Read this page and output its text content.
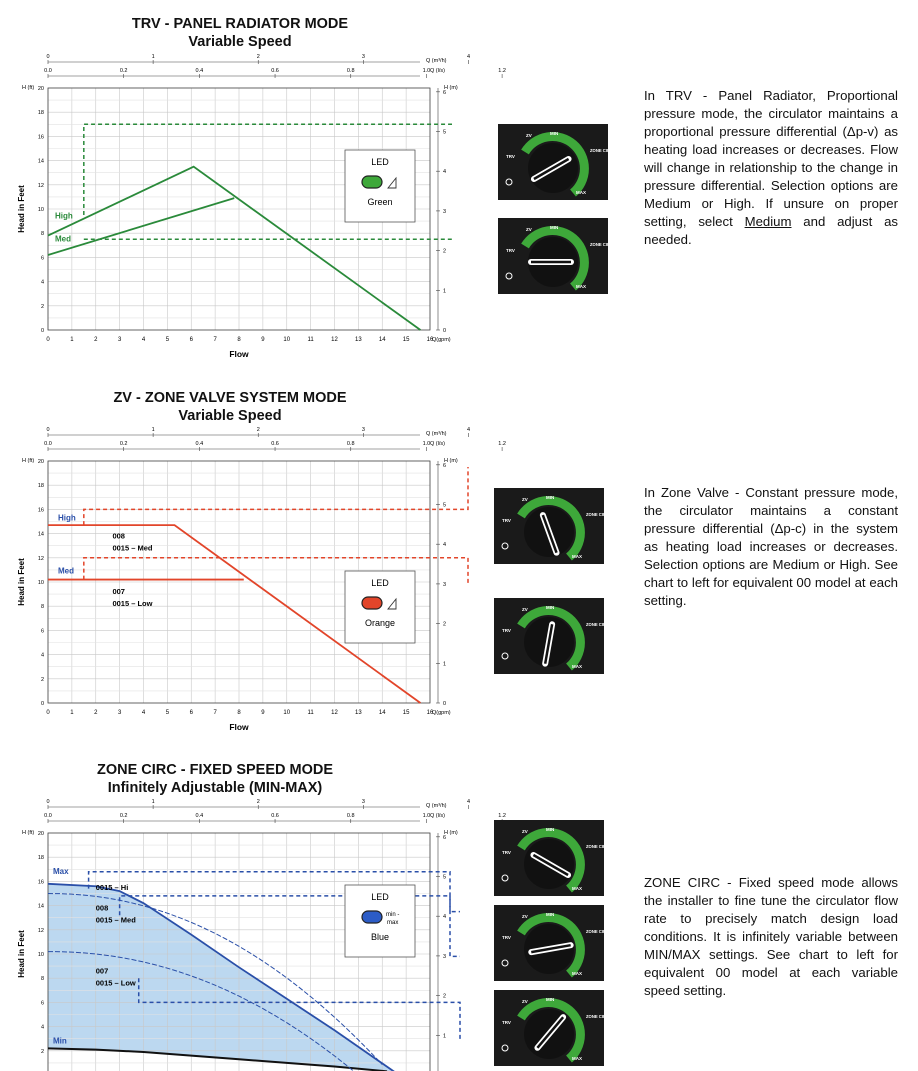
TRV - PANEL RADIATOR MODE
Variable Speed
0	1	2	3	4	5	6	7	8	9	10	11	12	13	14	15	16
Q(gpm)
Flow
0.0	0.2	0.4	0.6	0.8	1.0	1.2
Q (l/s)
0	1	2	3	4
Q (m³/h)
0
2
4
6
8
10
12
14
16
18
20
H (ft)
Head in Feet
0
1
2
3
4
5
6
H (m)
High
Med
LED
Green
In TRV - Panel Radiator, Proportional pressure mode, the circulator maintains a proportional pressure differential (Δp-v) as heating load increases or decreases. Flow will change in relationship to the change in pressure differential. Selection options are Medium or High. If unsure on proper setting, select Medium and adjust as needed.
ZV - ZONE VALVE SYSTEM MODE
Variable Speed
0	1	2	3	4	5	6	7	8	9	10	11	12	13	14	15	16
Q(gpm)
Flow
0.0	0.2	0.4	0.6	0.8	1.0	1.2
Q (l/s)
0	1	2	3	4
Q (m³/h)
0
2
4
6
8
10
12
14
16
18
20
H (ft)
Head in Feet
0
1
2
3
4
5
6
H (m)
High
Med
008
0015 – Med
007
0015 – Low
LED
Orange
In Zone Valve - Constant pressure mode, the circulator maintains a constant pressure differential (Δp-c) in the system as heating load increases or decreases. Selection options are Medium or High. See chart to left for equivalent 00 model at each setting.
ZONE CIRC - FIXED SPEED MODE
Infinitely Adjustable (MIN-MAX)
0.0	0.2	0.4	0.6	0.8	1.0	1.2
Q (l/s)
0	1	2	3	4
Q (m³/h)
2
4
6
8
10
12
14
16
18
20
H (ft)
Head in Feet
1
2
3
4
5
6
H (m)
Max
Min
0015 – Hi
008
0015 – Med
007
0015 – Low
LED
min -
max
Blue
ZONE CIRC - Fixed speed mode allows the installer to fine tune the circulator flow rate to precisely match design load conditions. It is infinitely variable between MIN/MAX settings. See chart to left for equivalent 00 model at each variable speed setting.
ZV	MIN
TRV
ZONE CIRC
MAX
ZV	MIN
TRV
ZONE CIRC
MAX
ZV	MIN
TRV
ZONE CIRC
MAX
ZV	MIN
TRV
ZONE CIRC
MAX
ZV	MIN
TRV
ZONE CIRC
MAX
ZV	MIN
TRV
ZONE CIRC
MAX
ZV	MIN
TRV
ZONE CIRC
MAX
